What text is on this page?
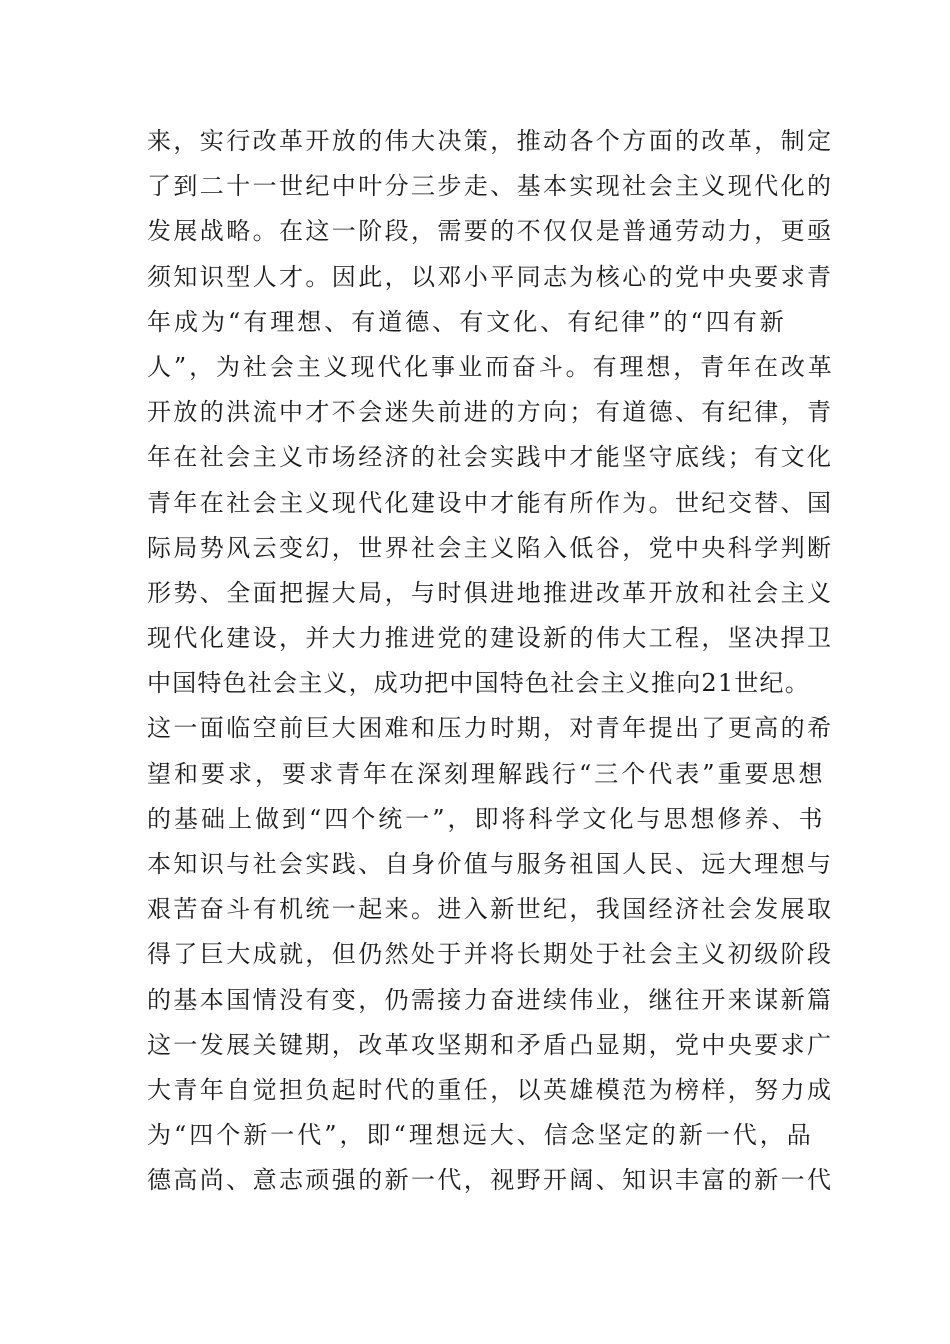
来，实行改革开放的伟大决策，推动各个方面的改革，制定
了到二十一世纪中叶分三步走、基本实现社会主义现代化的
发展战略。在这一阶段，需要的不仅仅是普通劳动力，更亟
须知识型人才。因此，以邓小平同志为核心的党中央要求青
年成为“有理想、有道德、有文化、有纪律”的“四有新
人”，为社会主义现代化事业而奋斗。有理想，青年在改革
开放的洪流中才不会迷失前进的方向；有道德、有纪律，青
年在社会主义市场经济的社会实践中才能坚守底线；有文化
青年在社会主义现代化建设中才能有所作为。世纪交替、国
际局势风云变幻，世界社会主义陷入低谷，党中央科学判断
形势、全面把握大局，与时俱进地推进改革开放和社会主义
现代化建设，并大力推进党的建设新的伟大工程，坚决捍卫
中国特色社会主义，成功把中国特色社会主义推向21世纪。
这一面临空前巨大困难和压力时期，对青年提出了更高的希
望和要求，要求青年在深刻理解践行“三个代表”重要思想
的基础上做到“四个统一”，即将科学文化与思想修养、书
本知识与社会实践、自身价值与服务祖国人民、远大理想与
艰苦奋斗有机统一起来。进入新世纪，我国经济社会发展取
得了巨大成就，但仍然处于并将长期处于社会主义初级阶段
的基本国情没有变，仍需接力奋进续伟业，继往开来谋新篇
这一发展关键期，改革攻坚期和矛盾凸显期，党中央要求广
大青年自觉担负起时代的重任，以英雄模范为榜样，努力成
为“四个新一代”，即“理想远大、信念坚定的新一代，品
德高尚、意志顽强的新一代，视野开阔、知识丰富的新一代
